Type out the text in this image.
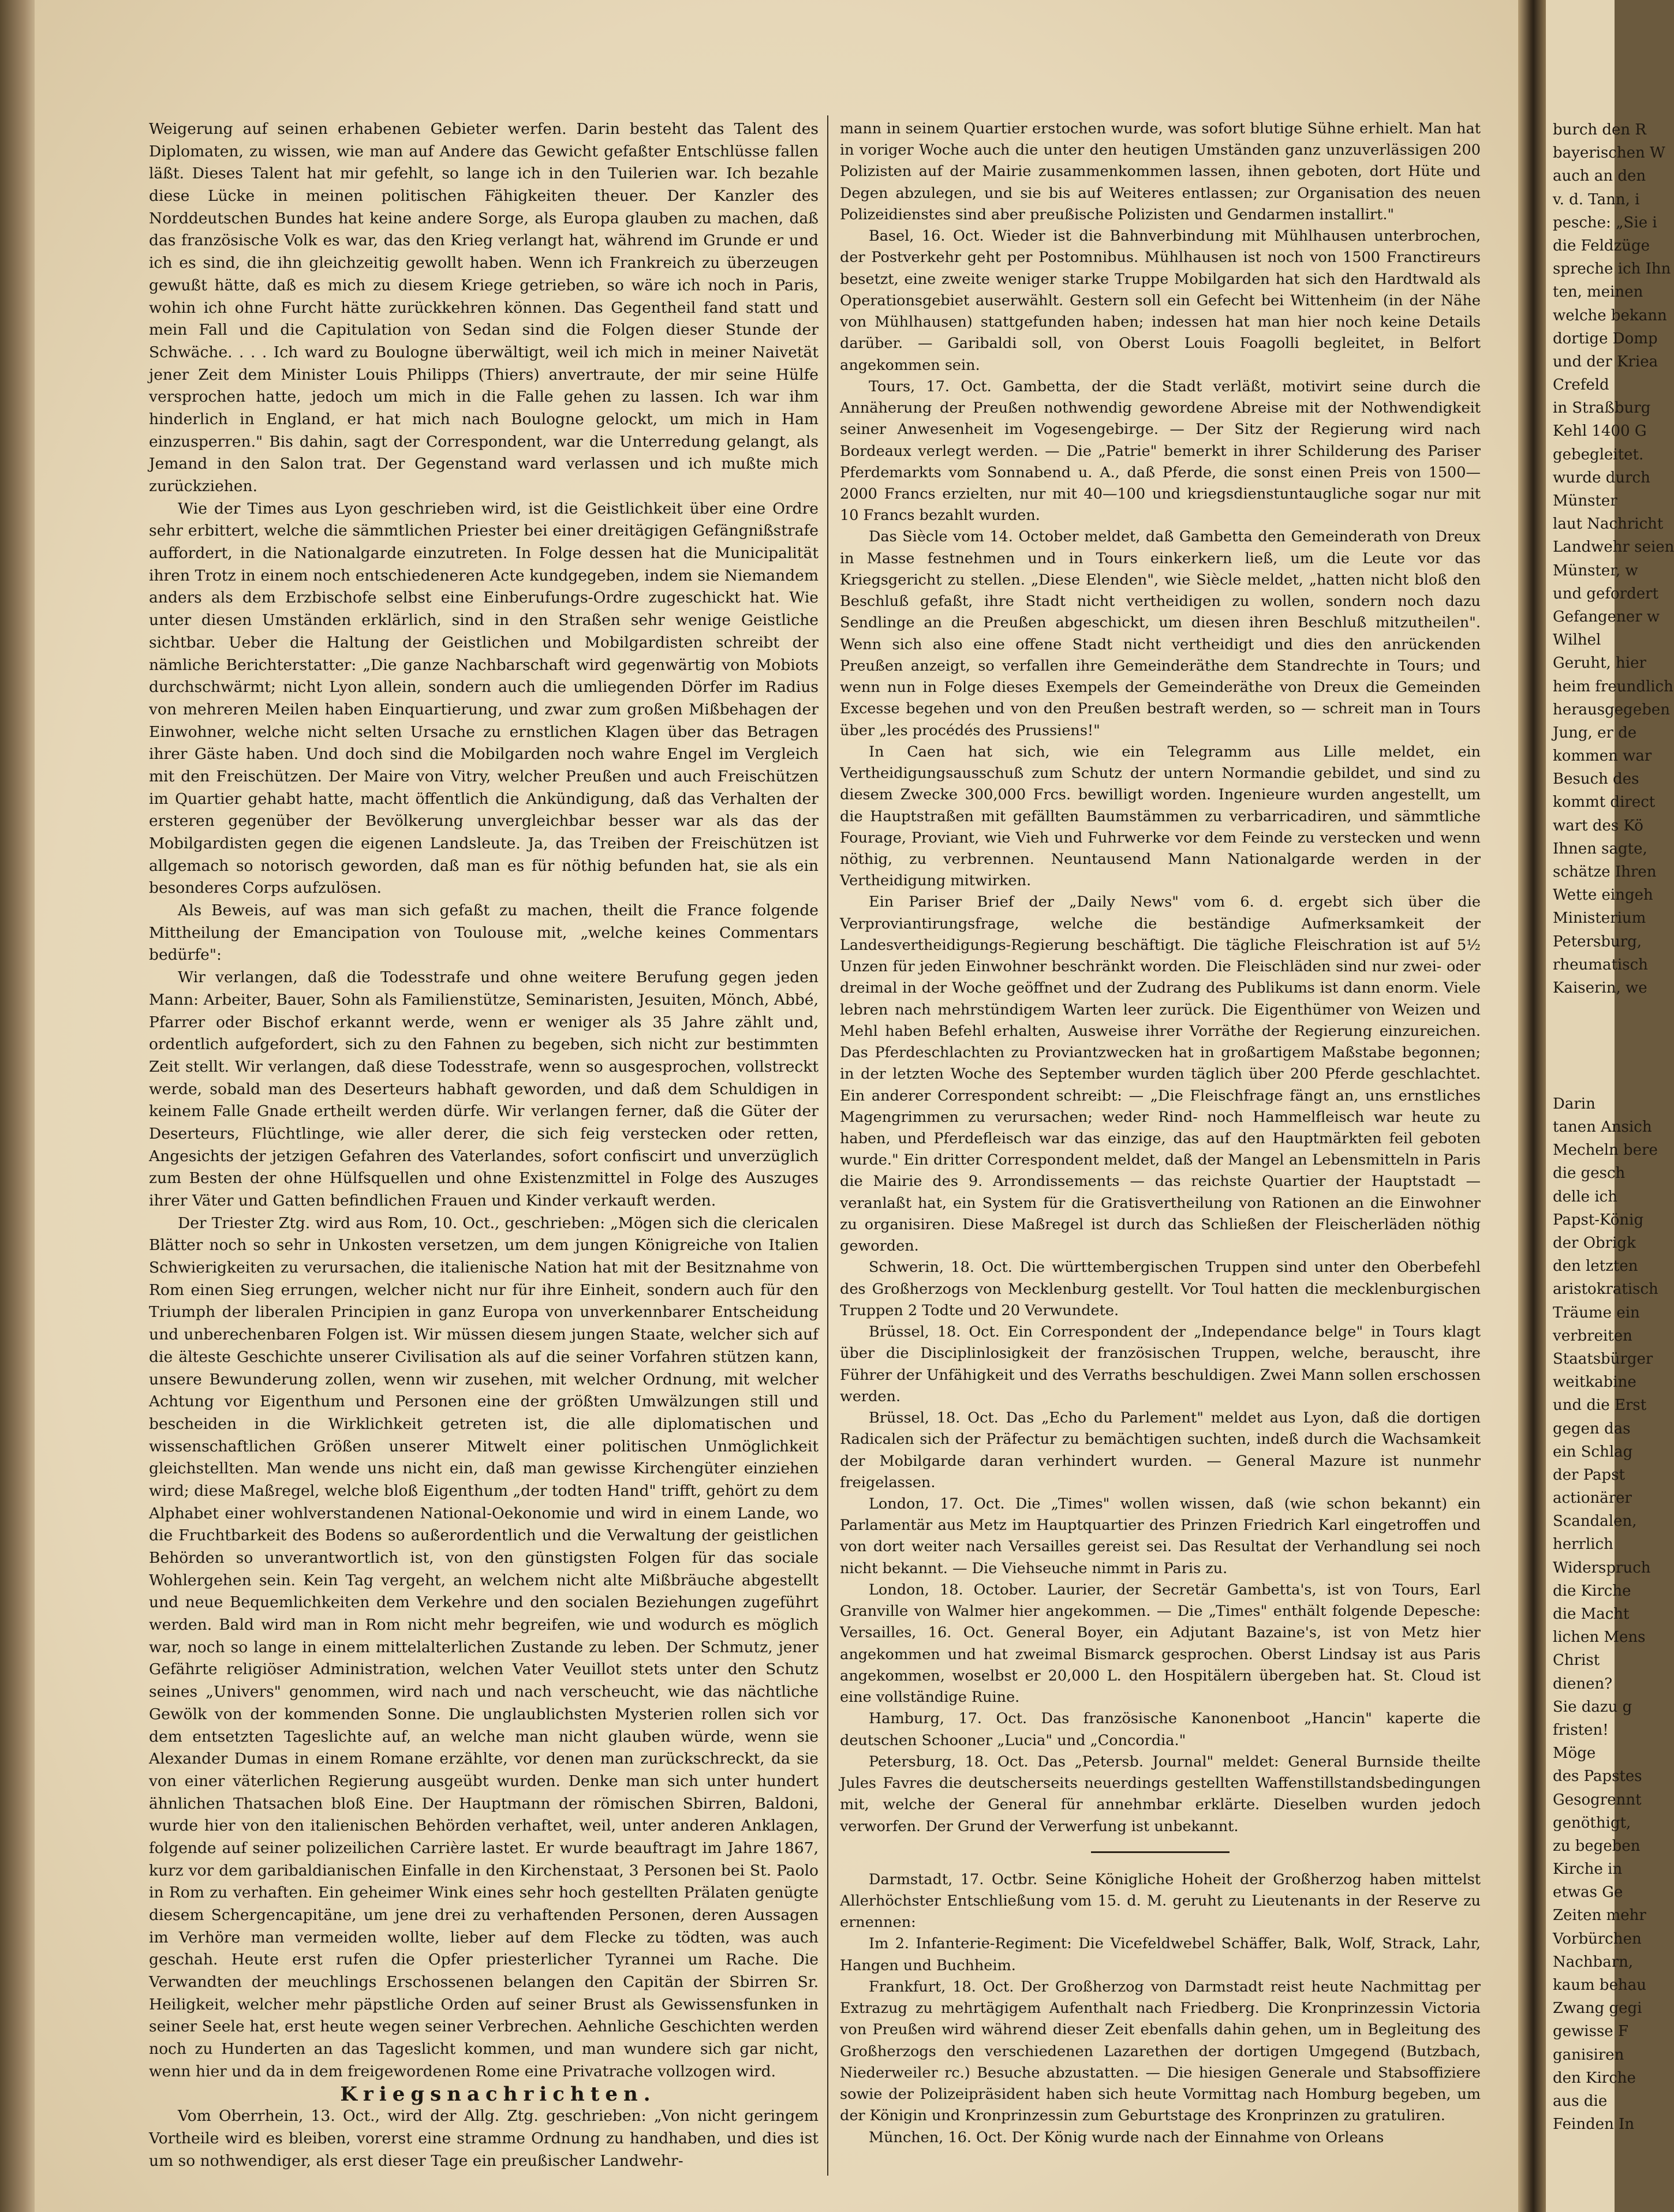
Weigerung auf seinen erhabenen Gebieter werfen. Darin besteht das Talent des Diplomaten, zu wissen, wie man auf Andere das Gewicht gefaßter Entschlüsse fallen läßt. Dieses Talent hat mir gefehlt, so lange ich in den Tuilerien war. Ich bezahle diese Lücke in meinen politischen Fähigkeiten theuer. Der Kanzler des Norddeutschen Bundes hat keine andere Sorge, als Europa glauben zu machen, daß das französische Volk es war, das den Krieg verlangt hat, während im Grunde er und ich es sind, die ihn gleichzeitig gewollt haben. Wenn ich Frankreich zu überzeugen gewußt hätte, daß es mich zu diesem Kriege getrieben, so wäre ich noch in Paris, wohin ich ohne Furcht hätte zurückkehren können. Das Gegentheil fand statt und mein Fall und die Capitulation von Sedan sind die Folgen dieser Stunde der Schwäche. . . . Ich ward zu Boulogne überwältigt, weil ich mich in meiner Naivetät jener Zeit dem Minister Louis Philipps (Thiers) anvertraute, der mir seine Hülfe versprochen hatte, jedoch um mich in die Falle gehen zu lassen. Ich war ihm hinderlich in England, er hat mich nach Boulogne gelockt, um mich in Ham einzusperren." Bis dahin, sagt der Correspondent, war die Unterredung gelangt, als Jemand in den Salon trat. Der Gegenstand ward verlassen und ich mußte mich zurückziehen.

Wie der Times aus Lyon geschrieben wird, ist die Geistlichkeit über eine Ordre sehr erbittert, welche die sämmtlichen Priester bei einer dreitägigen Gefängnißstrafe auffordert, in die Nationalgarde einzutreten. In Folge dessen hat die Municipalität ihren Trotz in einem noch entschiedeneren Acte kundgegeben, indem sie Niemandem anders als dem Erzbischofe selbst eine Einberufungs-Ordre zugeschickt hat. Wie unter diesen Umständen erklärlich, sind in den Straßen sehr wenige Geistliche sichtbar. Ueber die Haltung der Geistlichen und Mobilgardisten schreibt der nämliche Berichterstatter: „Die ganze Nachbarschaft wird gegenwärtig von Mobiots durchschwärmt; nicht Lyon allein, sondern auch die umliegenden Dörfer im Radius von mehreren Meilen haben Einquartierung, und zwar zum großen Mißbehagen der Einwohner, welche nicht selten Ursache zu ernstlichen Klagen über das Betragen ihrer Gäste haben. Und doch sind die Mobilgarden noch wahre Engel im Vergleich mit den Freischützen. Der Maire von Vitry, welcher Preußen und auch Freischützen im Quartier gehabt hatte, macht öffentlich die Ankündigung, daß das Verhalten der ersteren gegenüber der Bevölkerung unvergleichbar besser war als das der Mobilgardisten gegen die eigenen Landsleute. Ja, das Treiben der Freischützen ist allgemach so notorisch geworden, daß man es für nöthig befunden hat, sie als ein besonderes Corps aufzulösen.

Als Beweis, auf was man sich gefaßt zu machen, theilt die France folgende Mittheilung der Emancipation von Toulouse mit, „welche keines Commentars bedürfe":

Wir verlangen, daß die Todesstrafe und ohne weitere Berufung gegen jeden Mann: Arbeiter, Bauer, Sohn als Familienstütze, Seminaristen, Jesuiten, Mönch, Abbé, Pfarrer oder Bischof erkannt werde, wenn er weniger als 35 Jahre zählt und, ordentlich aufgefordert, sich zu den Fahnen zu begeben, sich nicht zur bestimmten Zeit stellt. Wir verlangen, daß diese Todesstrafe, wenn so ausgesprochen, vollstreckt werde, sobald man des Deserteurs habhaft geworden, und daß dem Schuldigen in keinem Falle Gnade ertheilt werden dürfe. Wir verlangen ferner, daß die Güter der Deserteurs, Flüchtlinge, wie aller derer, die sich feig verstecken oder retten, Angesichts der jetzigen Gefahren des Vaterlandes, sofort confiscirt und unverzüglich zum Besten der ohne Hülfsquellen und ohne Existenzmittel in Folge des Auszuges ihrer Väter und Gatten befindlichen Frauen und Kinder verkauft werden.

Der Triester Ztg. wird aus Rom, 10. Oct., geschrieben: „Mögen sich die clericalen Blätter noch so sehr in Unkosten versetzen, um dem jungen Königreiche von Italien Schwierigkeiten zu verursachen, die italienische Nation hat mit der Besitznahme von Rom einen Sieg errungen, welcher nicht nur für ihre Einheit, sondern auch für den Triumph der liberalen Principien in ganz Europa von unverkennbarer Entscheidung und unberechenbaren Folgen ist. Wir müssen diesem jungen Staate, welcher sich auf die älteste Geschichte unserer Civilisation als auf die seiner Vorfahren stützen kann, unsere Bewunderung zollen, wenn wir zusehen, mit welcher Ordnung, mit welcher Achtung vor Eigenthum und Personen eine der größten Umwälzungen still und bescheiden in die Wirklichkeit getreten ist, die alle diplomatischen und wissenschaftlichen Größen unserer Mitwelt einer politischen Unmöglichkeit gleichstellten. Man wende uns nicht ein, daß man gewisse Kirchengüter einziehen wird; diese Maßregel, welche bloß Eigenthum „der todten Hand" trifft, gehört zu dem Alphabet einer wohlverstandenen National-Oekonomie und wird in einem Lande, wo die Fruchtbarkeit des Bodens so außerordentlich und die Verwaltung der geistlichen Behörden so unverantwortlich ist, von den günstigsten Folgen für das sociale Wohlergehen sein. Kein Tag vergeht, an welchem nicht alte Mißbräuche abgestellt und neue Bequemlichkeiten dem Verkehre und den socialen Beziehungen zugeführt werden. Bald wird man in Rom nicht mehr begreifen, wie und wodurch es möglich war, noch so lange in einem mittelalterlichen Zustande zu leben. Der Schmutz, jener Gefährte religiöser Administration, welchen Vater Veuillot stets unter den Schutz seines „Univers" genommen, wird nach und nach verscheucht, wie das nächtliche Gewölk von der kommenden Sonne. Die unglaublichsten Mysterien rollen sich vor dem entsetzten Tageslichte auf, an welche man nicht glauben würde, wenn sie Alexander Dumas in einem Romane erzählte, vor denen man zurückschreckt, da sie von einer väterlichen Regierung ausgeübt wurden. Denke man sich unter hundert ähnlichen Thatsachen bloß Eine. Der Hauptmann der römischen Sbirren, Baldoni, wurde hier von den italienischen Behörden verhaftet, weil, unter anderen Anklagen, folgende auf seiner polizeilichen Carrière lastet. Er wurde beauftragt im Jahre 1867, kurz vor dem garibaldianischen Einfalle in den Kirchenstaat, 3 Personen bei St. Paolo in Rom zu verhaften. Ein geheimer Wink eines sehr hoch gestellten Prälaten genügte diesem Schergencapitäne, um jene drei zu verhaftenden Personen, deren Aussagen im Verhöre man vermeiden wollte, lieber auf dem Flecke zu tödten, was auch geschah. Heute erst rufen die Opfer priesterlicher Tyrannei um Rache. Die Verwandten der meuchlings Erschossenen belangen den Capitän der Sbirren Sr. Heiligkeit, welcher mehr päpstliche Orden auf seiner Brust als Gewissensfunken in seiner Seele hat, erst heute wegen seiner Verbrechen. Aehnliche Geschichten werden noch zu Hunderten an das Tageslicht kommen, und man wundere sich gar nicht, wenn hier und da in dem freigewordenen Rome eine Privatrache vollzogen wird.

Kriegsnachrichten.

Vom Oberrhein, 13. Oct., wird der Allg. Ztg. geschrieben: „Von nicht geringem Vortheile wird es bleiben, vorerst eine stramme Ordnung zu handhaben, und dies ist um so nothwendiger, als erst dieser Tage ein preußischer Landwehr-

mann in seinem Quartier erstochen wurde, was sofort blutige Sühne erhielt. Man hat in voriger Woche auch die unter den heutigen Umständen ganz unzuverlässigen 200 Polizisten auf der Mairie zusammenkommen lassen, ihnen geboten, dort Hüte und Degen abzulegen, und sie bis auf Weiteres entlassen; zur Organisation des neuen Polizeidienstes sind aber preußische Polizisten und Gendarmen installirt."

Basel, 16. Oct. Wieder ist die Bahnverbindung mit Mühlhausen unterbrochen, der Postverkehr geht per Postomnibus. Mühlhausen ist noch von 1500 Franctireurs besetzt, eine zweite weniger starke Truppe Mobilgarden hat sich den Hardtwald als Operationsgebiet auserwählt. Gestern soll ein Gefecht bei Wittenheim (in der Nähe von Mühlhausen) stattgefunden haben; indessen hat man hier noch keine Details darüber. — Garibaldi soll, von Oberst Louis Foagolli begleitet, in Belfort angekommen sein.

Tours, 17. Oct. Gambetta, der die Stadt verläßt, motivirt seine durch die Annäherung der Preußen nothwendig gewordene Abreise mit der Nothwendigkeit seiner Anwesenheit im Vogesengebirge. — Der Sitz der Regierung wird nach Bordeaux verlegt werden. — Die „Patrie" bemerkt in ihrer Schilderung des Pariser Pferdemarkts vom Sonnabend u. A., daß Pferde, die sonst einen Preis von 1500—2000 Francs erzielten, nur mit 40—100 und kriegsdienstuntaugliche sogar nur mit 10 Francs bezahlt wurden.

Das Siècle vom 14. October meldet, daß Gambetta den Gemeinderath von Dreux in Masse festnehmen und in Tours einkerkern ließ, um die Leute vor das Kriegsgericht zu stellen. „Diese Elenden", wie Siècle meldet, „hatten nicht bloß den Beschluß gefaßt, ihre Stadt nicht vertheidigen zu wollen, sondern noch dazu Sendlinge an die Preußen abgeschickt, um diesen ihren Beschluß mitzutheilen". Wenn sich also eine offene Stadt nicht vertheidigt und dies den anrückenden Preußen anzeigt, so verfallen ihre Gemeinderäthe dem Standrechte in Tours; und wenn nun in Folge dieses Exempels der Gemeinderäthe von Dreux die Gemeinden Excesse begehen und von den Preußen bestraft werden, so — schreit man in Tours über „les procédés des Prussiens!"

In Caen hat sich, wie ein Telegramm aus Lille meldet, ein Vertheidigungsausschuß zum Schutz der untern Normandie gebildet, und sind zu diesem Zwecke 300,000 Frcs. bewilligt worden. Ingenieure wurden angestellt, um die Hauptstraßen mit gefällten Baumstämmen zu verbarricadiren, und sämmtliche Fourage, Proviant, wie Vieh und Fuhrwerke vor dem Feinde zu verstecken und wenn nöthig, zu verbrennen. Neuntausend Mann Nationalgarde werden in der Vertheidigung mitwirken.

Ein Pariser Brief der „Daily News" vom 6. d. ergebt sich über die Verproviantirungsfrage, welche die beständige Aufmerksamkeit der Landesvertheidigungs-Regierung beschäftigt. Die tägliche Fleischration ist auf 5½ Unzen für jeden Einwohner beschränkt worden. Die Fleischläden sind nur zwei- oder dreimal in der Woche geöffnet und der Zudrang des Publikums ist dann enorm. Viele lebren nach mehrstündigem Warten leer zurück. Die Eigenthümer von Weizen und Mehl haben Befehl erhalten, Ausweise ihrer Vorräthe der Regierung einzureichen. Das Pferdeschlachten zu Proviantzwecken hat in großartigem Maßstabe begonnen; in der letzten Woche des September wurden täglich über 200 Pferde geschlachtet. Ein anderer Correspondent schreibt: — „Die Fleischfrage fängt an, uns ernstliches Magengrimmen zu verursachen; weder Rind- noch Hammelfleisch war heute zu haben, und Pferdefleisch war das einzige, das auf den Hauptmärkten feil geboten wurde." Ein dritter Correspondent meldet, daß der Mangel an Lebensmitteln in Paris die Mairie des 9. Arrondissements — das reichste Quartier der Hauptstadt — veranlaßt hat, ein System für die Gratisvertheilung von Rationen an die Einwohner zu organisiren. Diese Maßregel ist durch das Schließen der Fleischerläden nöthig geworden.

Schwerin, 18. Oct. Die württembergischen Truppen sind unter den Oberbefehl des Großherzogs von Mecklenburg gestellt. Vor Toul hatten die mecklenburgischen Truppen 2 Todte und 20 Verwundete.

Brüssel, 18. Oct. Ein Correspondent der „Independance belge" in Tours klagt über die Disciplinlosigkeit der französischen Truppen, welche, berauscht, ihre Führer der Unfähigkeit und des Verraths beschuldigen. Zwei Mann sollen erschossen werden.

Brüssel, 18. Oct. Das „Echo du Parlement" meldet aus Lyon, daß die dortigen Radicalen sich der Präfectur zu bemächtigen suchten, indeß durch die Wachsamkeit der Mobilgarde daran verhindert wurden. — General Mazure ist nunmehr freigelassen.

London, 17. Oct. Die „Times" wollen wissen, daß (wie schon bekannt) ein Parlamentär aus Metz im Hauptquartier des Prinzen Friedrich Karl eingetroffen und von dort weiter nach Versailles gereist sei. Das Resultat der Verhandlung sei noch nicht bekannt. — Die Viehseuche nimmt in Paris zu.

London, 18. October. Laurier, der Secretär Gambetta's, ist von Tours, Earl Granville von Walmer hier angekommen. — Die „Times" enthält folgende Depesche: Versailles, 16. Oct. General Boyer, ein Adjutant Bazaine's, ist von Metz hier angekommen und hat zweimal Bismarck gesprochen. Oberst Lindsay ist aus Paris angekommen, woselbst er 20,000 L. den Hospitälern übergeben hat. St. Cloud ist eine vollständige Ruine.

Hamburg, 17. Oct. Das französische Kanonenboot „Hancin" kaperte die deutschen Schooner „Lucia" und „Concordia."

Petersburg, 18. Oct. Das „Petersb. Journal" meldet: General Burnside theilte Jules Favres die deutscherseits neuerdings gestellten Waffenstillstandsbedingungen mit, welche der General für annehmbar erklärte. Dieselben wurden jedoch verworfen. Der Grund der Verwerfung ist unbekannt.

Darmstadt, 17. Octbr. Seine Königliche Hoheit der Großherzog haben mittelst Allerhöchster Entschließung vom 15. d. M. geruht zu Lieutenants in der Reserve zu ernennen:

Im 2. Infanterie-Regiment: Die Vicefeldwebel Schäffer, Balk, Wolf, Strack, Lahr, Hangen und Buchheim.

Frankfurt, 18. Oct. Der Großherzog von Darmstadt reist heute Nachmittag per Extrazug zu mehrtägigem Aufenthalt nach Friedberg. Die Kronprinzessin Victoria von Preußen wird während dieser Zeit ebenfalls dahin gehen, um in Begleitung des Großherzogs den verschiedenen Lazarethen der dortigen Umgegend (Butzbach, Niederweiler rc.) Besuche abzustatten. — Die hiesigen Generale und Stabsoffiziere sowie der Polizeipräsident haben sich heute Vormittag nach Homburg begeben, um der Königin und Kronprinzessin zum Geburtstage des Kronprinzen zu gratuliren.

München, 16. Oct. Der König wurde nach der Einnahme von Orleans

burch den R
bayerischen W
auch an den
v. d. Tann, i
pesche: „Sie i
die Feldzüge
spreche ich Ihn
ten, meinen
welche bekann
dortige Domp
und der Kriea
Crefeld
in Straßburg
Kehl 1400 G
gebegleitet.
wurde durch
Münster
laut Nachricht
Landwehr seien
Münster, w
und gefordert
Gefangener w
Wilhel
Geruht, hier
heim freundlich
herausgegeben
Jung, er de
kommen war
Besuch des
kommt direct
wart des Kö
Ihnen sagte,
schätze Ihren
Wette eingeh
Ministerium
Petersburg,
rheumatisch
Kaiserin, we
Darin
tanen Ansich
Mecheln bere
die gesch
delle ich
Papst-König
der Obrigk
den letzten
aristokratisch
Träume ein
verbreiten
Staatsbürger
weitkabine
und die Erst
gegen das
ein Schlag
der Papst
actionärer
Scandalen,
herrlich
Widerspruch
die Kirche
die Macht
lichen Mens
Christ
dienen?
Sie dazu g
fristen!
Möge
des Papstes
Gesogrennt
genöthigt,
zu begeben
Kirche in
etwas Ge
Zeiten mehr
Vorbürchen
Nachbarn,
kaum behau
Zwang gegi
gewisse F
ganisiren
den Kirche
aus die
Feinden In
